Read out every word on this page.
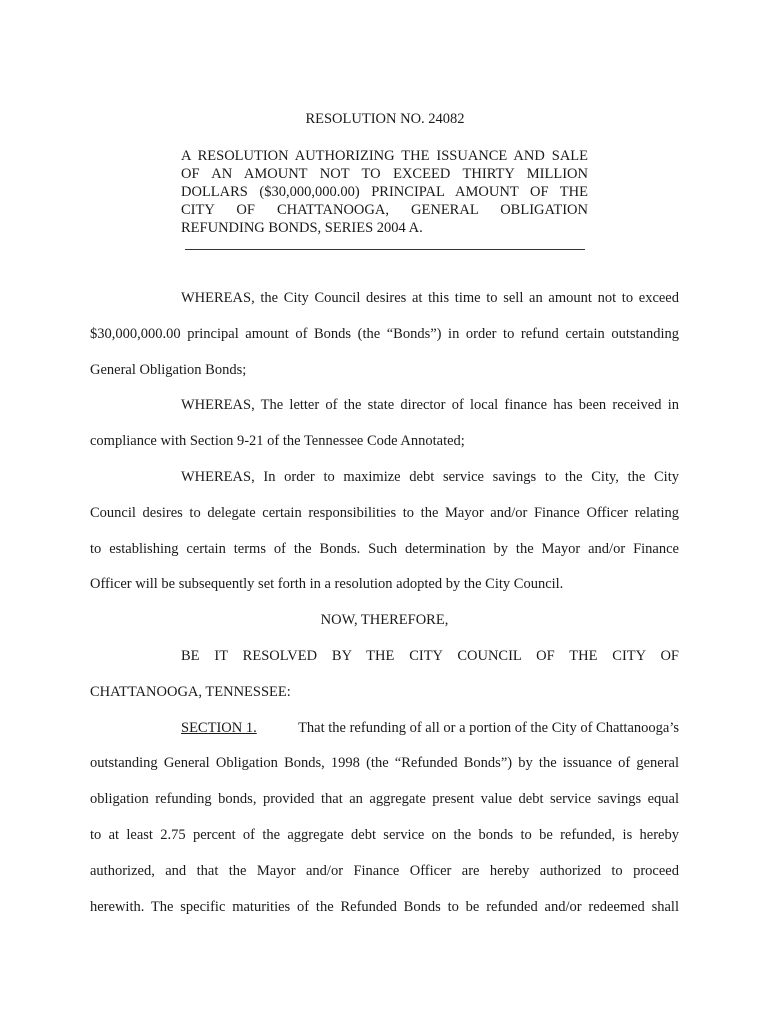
RESOLUTION NO. 24082
A RESOLUTION AUTHORIZING THE ISSUANCE AND SALE
OF AN AMOUNT NOT TO EXCEED THIRTY MILLION
DOLLARS ($30,000,000.00) PRINCIPAL AMOUNT OF THE
CITY OF CHATTANOOGA, GENERAL OBLIGATION
REFUNDING BONDS, SERIES 2004 A.
WHEREAS, the City Council desires at this time to sell an amount not to exceed
$30,000,000.00 principal amount of Bonds (the “Bonds”) in order to refund certain outstanding
General Obligation Bonds;
WHEREAS, The letter of the state director of local finance has been received in
compliance with Section 9-21 of the Tennessee Code Annotated;
WHEREAS, In order to maximize debt service savings to the City, the City
Council desires to delegate certain responsibilities to the Mayor and/or Finance Officer relating
to establishing certain terms of the Bonds. Such determination by the Mayor and/or Finance
Officer will be subsequently set forth in a resolution adopted by the City Council.
NOW, THEREFORE,
BE IT RESOLVED BY THE CITY COUNCIL OF THE CITY OF
CHATTANOOGA, TENNESSEE:
SECTION 1.	That the refunding of all or a portion of the City of Chattanooga’s
outstanding General Obligation Bonds, 1998 (the “Refunded Bonds”) by the issuance of general
obligation refunding bonds, provided that an aggregate present value debt service savings equal
to at least 2.75 percent of the aggregate debt service on the bonds to be refunded, is hereby
authorized, and that the Mayor and/or Finance Officer are hereby authorized to proceed
herewith. The specific maturities of the Refunded Bonds to be refunded and/or redeemed shall
